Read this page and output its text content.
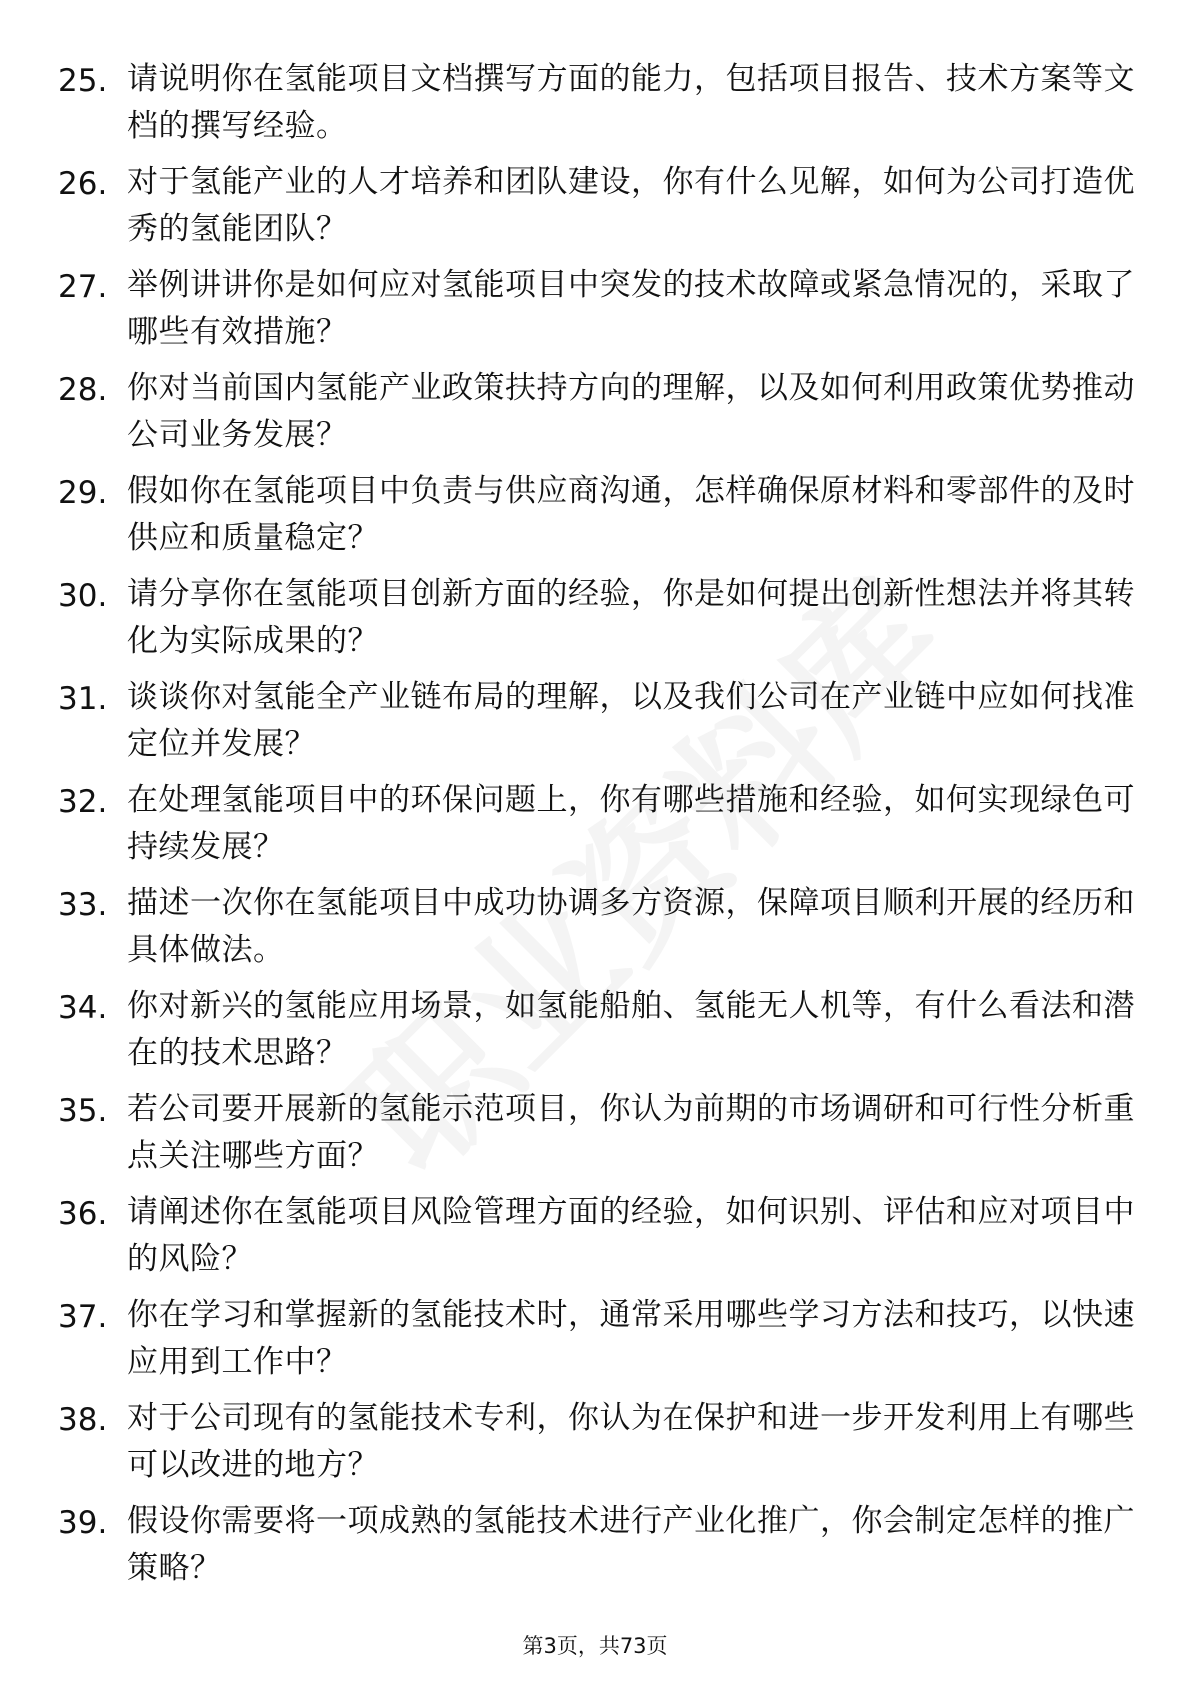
25. 请说明你在氢能项目文档撰写方面的能力，包括项目报告、技术方案等文档的撰写经验。
26. 对于氢能产业的人才培养和团队建设，你有什么见解，如何为公司打造优秀的氢能团队？
27. 举例讲讲你是如何应对氢能项目中突发的技术故障或紧急情况的，采取了哪些有效措施？
28. 你对当前国内氢能产业政策扶持方向的理解，以及如何利用政策优势推动公司业务发展？
29. 假如你在氢能项目中负责与供应商沟通，怎样确保原材料和零部件的及时供应和质量稳定？
30. 请分享你在氢能项目创新方面的经验，你是如何提出创新性想法并将其转化为实际成果的？
31. 谈谈你对氢能全产业链布局的理解，以及我们公司在产业链中应如何找准定位并发展？
32. 在处理氢能项目中的环保问题上，你有哪些措施和经验，如何实现绿色可持续发展？
33. 描述一次你在氢能项目中成功协调多方资源，保障项目顺利开展的经历和具体做法。
34. 你对新兴的氢能应用场景，如氢能船舶、氢能无人机等，有什么看法和潜在的技术思路？
35. 若公司要开展新的氢能示范项目，你认为前期的市场调研和可行性分析重点关注哪些方面？
36. 请阐述你在氢能项目风险管理方面的经验，如何识别、评估和应对项目中的风险？
37. 你在学习和掌握新的氢能技术时，通常采用哪些学习方法和技巧，以快速应用到工作中？
38. 对于公司现有的氢能技术专利，你认为在保护和进一步开发利用上有哪些可以改进的地方？
39. 假设你需要将一项成熟的氢能技术进行产业化推广，你会制定怎样的推广策略？
第3页，共73页
